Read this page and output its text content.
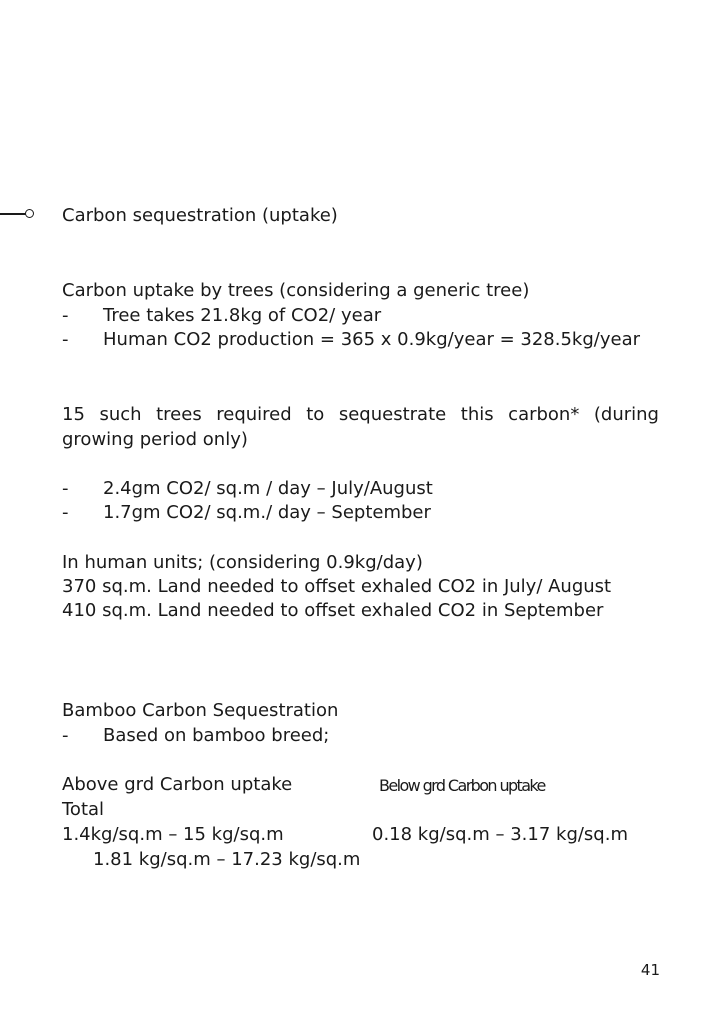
Carbon sequestration (uptake)

Carbon uptake by trees (considering a generic tree)

- Tree takes 21.8kg of CO2/ year

- Human CO2 production = 365 x 0.9kg/year = 328.5kg/year

15 such trees required to sequestrate this carbon* (during growing period only)

- 2.4gm CO2/ sq.m / day – July/August

- 1.7gm CO2/ sq.m./ day – September

In human units; (considering 0.9kg/day)

370 sq.m. Land needed to offset exhaled CO2 in July/ August

410 sq.m. Land needed to offset exhaled CO2 in September

Bamboo Carbon Sequestration

- Based on bamboo breed;

Above grd Carbon uptake	Below grd Carbon uptake

Total

1.4kg/sq.m – 15 kg/sq.m	0.18 kg/sq.m – 3.17 kg/sq.m

1.81 kg/sq.m – 17.23 kg/sq.m

41
